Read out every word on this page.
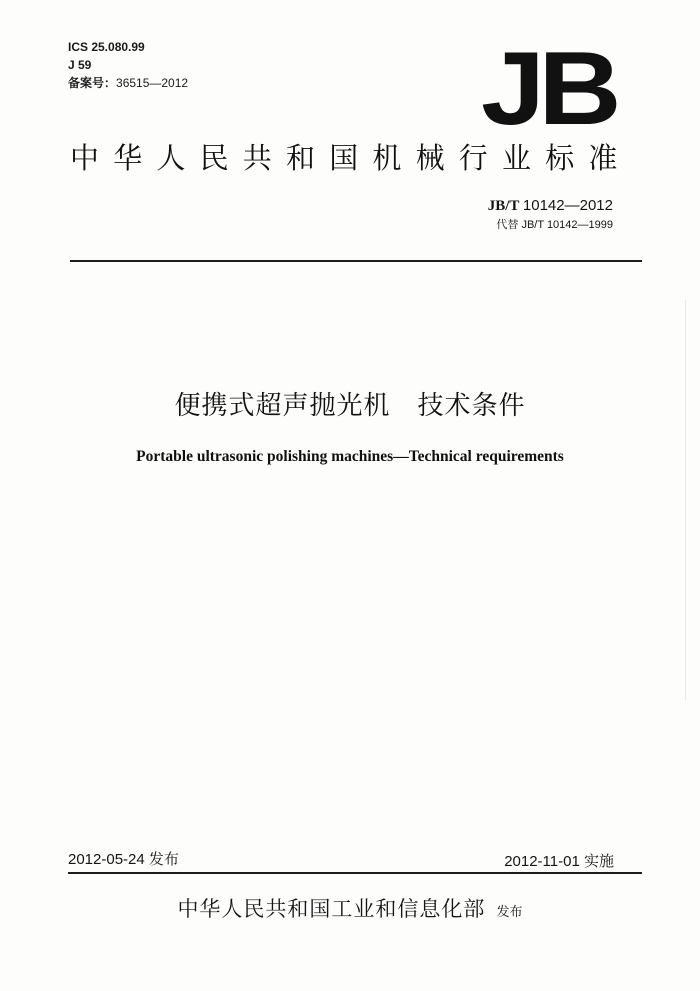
ICS 25.080.99
J 59
备案号：36515—2012	JB
中华人民共和国机械行业标准
JB/T 10142—2012
代替 JB/T 10142—1999
便携式超声抛光机　技术条件
Portable ultrasonic polishing machines—Technical requirements
2012-05-24 发布	2012-11-01 实施
中华人民共和国工业和信息化部 发布
